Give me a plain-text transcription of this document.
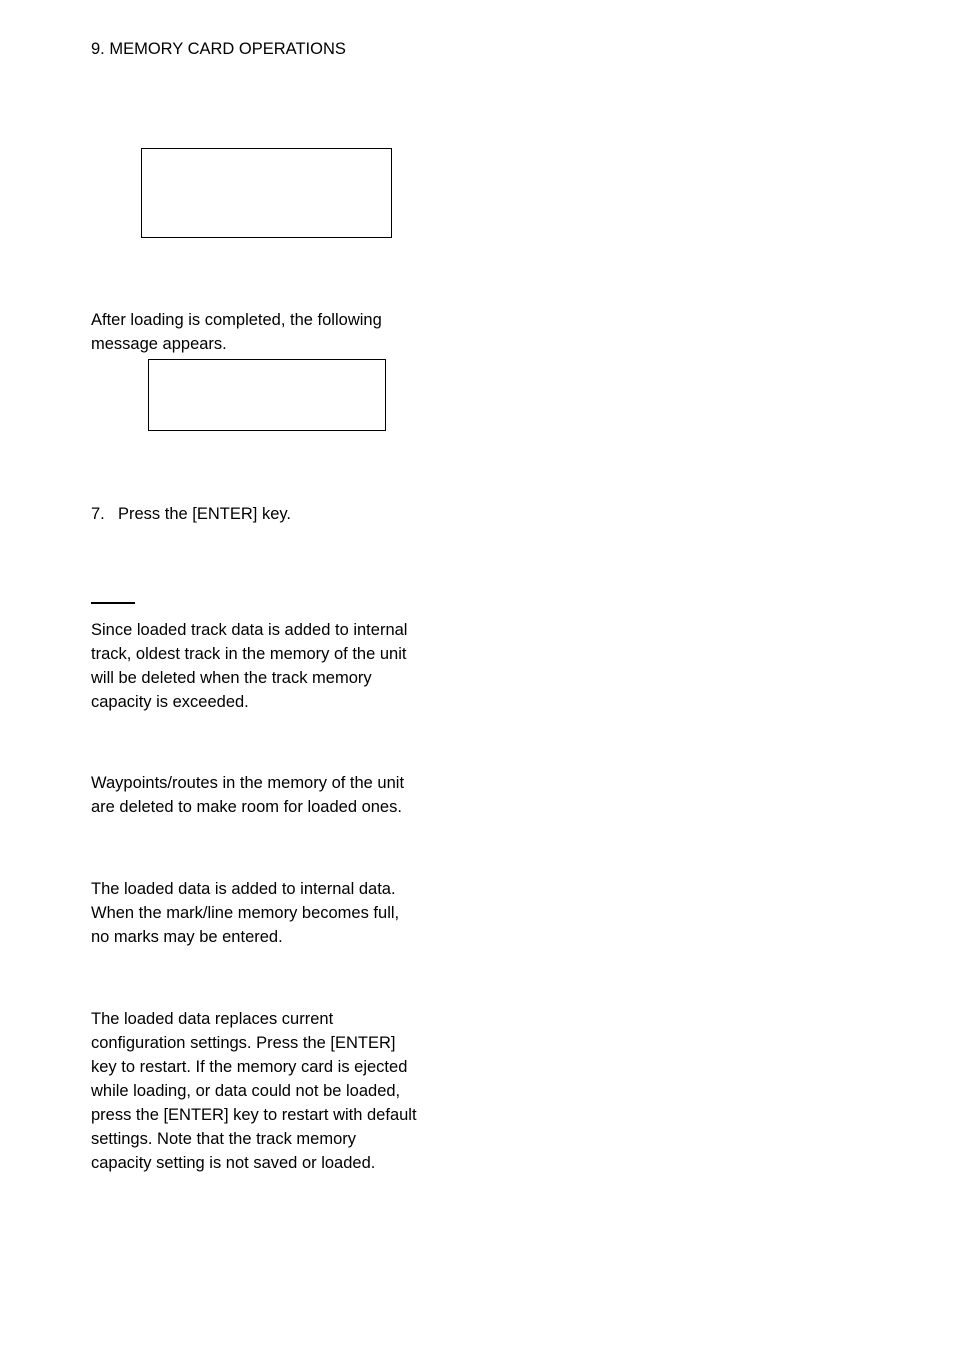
9. MEMORY CARD OPERATIONS

After loading is completed, the following
message appears.

7. Press the [ENTER] key.

Since loaded track data is added to internal
track, oldest track in the memory of the unit
will be deleted when the track memory
capacity is exceeded.

Waypoints/routes in the memory of the unit
are deleted to make room for loaded ones.

The loaded data is added to internal data.
When the mark/line memory becomes full,
no marks may be entered.

The loaded data replaces current
configuration settings. Press the [ENTER]
key to restart. If the memory card is ejected
while loading, or data could not be loaded,
press the [ENTER] key to restart with default
settings. Note that the track memory
capacity setting is not saved or loaded.
